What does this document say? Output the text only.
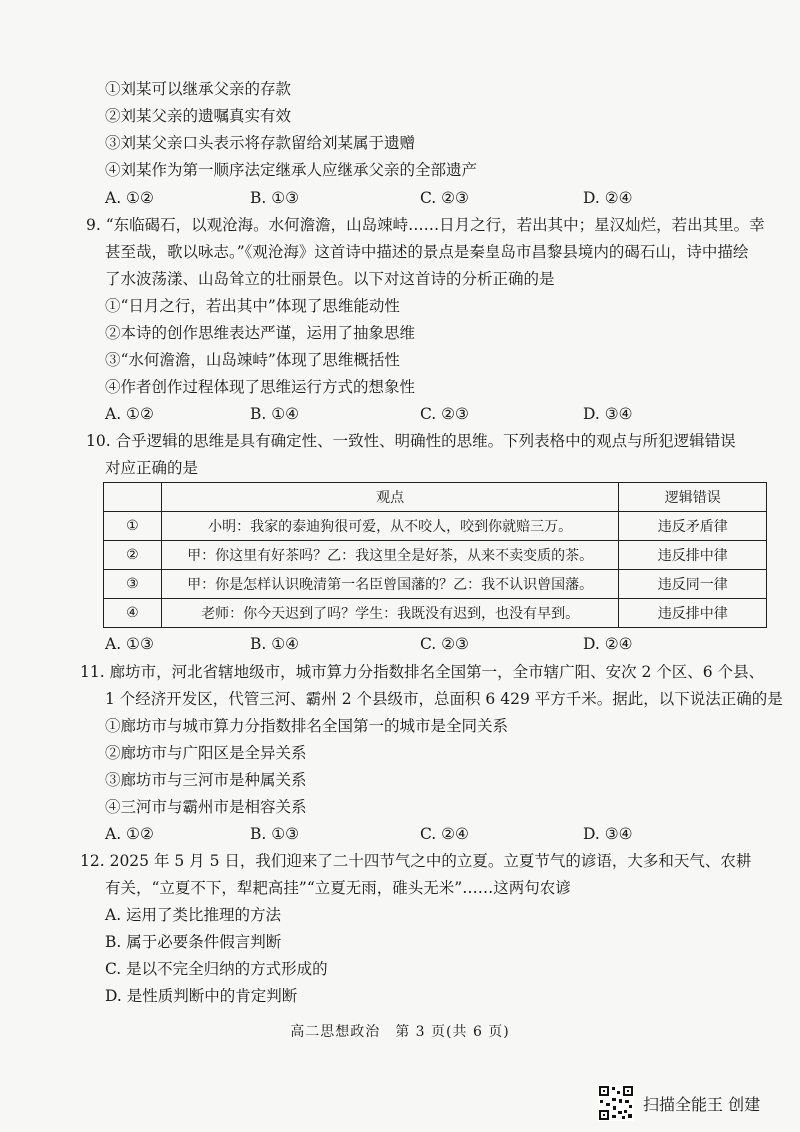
①刘某可以继承父亲的存款
②刘某父亲的遗嘱真实有效
③刘某父亲口头表示将存款留给刘某属于遗赠
④刘某作为第一顺序法定继承人应继承父亲的全部遗产
A. ①②	B. ①③	C. ②③	D. ②④
9. “东临碣石，以观沧海。水何澹澹，山岛竦峙……日月之行，若出其中；星汉灿烂，若出其里。幸
甚至哉，歌以咏志。”《观沧海》这首诗中描述的景点是秦皇岛市昌黎县境内的碣石山，诗中描绘
了水波荡漾、山岛耸立的壮丽景色。以下对这首诗的分析正确的是
①“日月之行，若出其中”体现了思维能动性
②本诗的创作思维表达严谨，运用了抽象思维
③“水何澹澹，山岛竦峙”体现了思维概括性
④作者创作过程体现了思维运行方式的想象性
A. ①②	B. ①④	C. ②③	D. ③④
10. 合乎逻辑的思维是具有确定性、一致性、明确性的思维。下列表格中的观点与所犯逻辑错误
对应正确的是
	观点	逻辑错误
①	小明：我家的泰迪狗很可爱，从不咬人，咬到你就赔三万。	违反矛盾律
②	甲：你这里有好茶吗？乙：我这里全是好茶，从来不卖变质的茶。	违反排中律
③	甲：你是怎样认识晚清第一名臣曾国藩的？乙：我不认识曾国藩。	违反同一律
④	老师：你今天迟到了吗？学生：我既没有迟到，也没有早到。	违反排中律
A. ①③	B. ①④	C. ②③	D. ②④
11. 廊坊市，河北省辖地级市，城市算力分指数排名全国第一，全市辖广阳、安次 2 个区、6 个县、
1 个经济开发区，代管三河、霸州 2 个县级市，总面积 6 429 平方千米。据此，以下说法正确的是
①廊坊市与城市算力分指数排名全国第一的城市是全同关系
②廊坊市与广阳区是全异关系
③廊坊市与三河市是种属关系
④三河市与霸州市是相容关系
A. ①②	B. ①③	C. ②④	D. ③④
12. 2025 年 5 月 5 日，我们迎来了二十四节气之中的立夏。立夏节气的谚语，大多和天气、农耕
有关，“立夏不下，犁耙高挂”“立夏无雨，碓头无米”……这两句农谚
A. 运用了类比推理的方法
B. 属于必要条件假言判断
C. 是以不完全归纳的方式形成的
D. 是性质判断中的肯定判断
高二思想政治　第 3 页(共 6 页)
扫描全能王 创建
